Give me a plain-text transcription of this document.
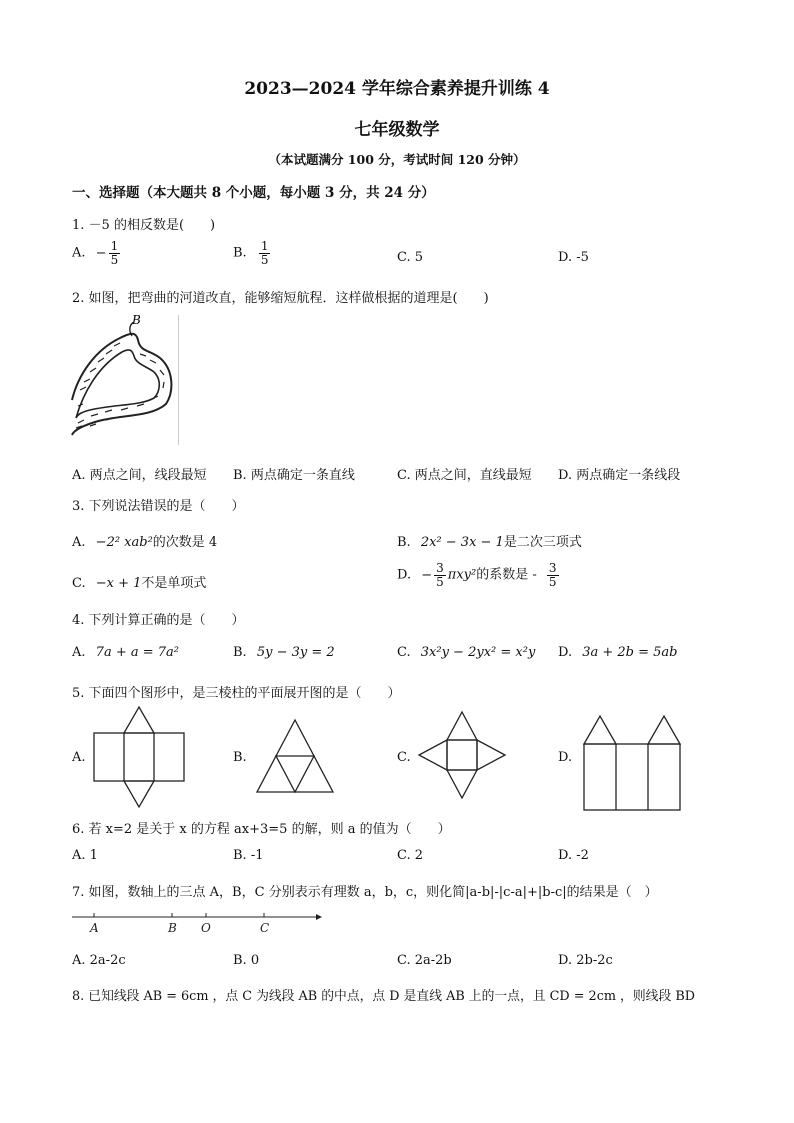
2023—2024 学年综合素养提升训练 4
七年级数学
（本试题满分 100 分，考试时间 120 分钟）
一、选择题（本大题共 8 个小题，每小题 3 分，共 24 分）
1. －5 的相反数是(　　)
A. − $\frac{1}{5}$	B. $\frac{1}{5}$	C. 5	D. -5
2. 如图，把弯曲的河道改直，能够缩短航程．这样做根据的道理是(　　)
B
A. 两点之间，线段最短 B. 两点确定一条直线	C. 两点之间，直线最短 D. 两点确定一条线段
3. 下列说法错误的是（　　）
A. −2² xab²的次数是 4	B. 2x² − 3x − 1是二次三项式
C. −x + 1不是单项式
D. − $\frac{3}{5} \pi xy^2$的系数是 - $\frac{3}{5}$
4. 下列计算正确的是（　　）
A. 7a + a = 7a²	B. 5y − 3y = 2	C. 3x²y − 2yx² = x²y D. 3a + 2b = 5ab
5. 下面四个图形中，是三棱柱的平面展开图的是（　　）
A.	B.	C.	D.
6. 若 x=2 是关于 x 的方程 ax+3=5 的解，则 a 的值为（　　）
A. 1	B. -1	C. 2	D. -2
7. 如图，数轴上的三点 A，B，C 分别表示有理数 a，b，c，则化简|a-b|-|c-a|+|b-c|的结果是（　）
A	B O	C
A. 2a-2c	B. 0	C. 2a-2b	D. 2b-2c
8. 已知线段 AB = 6cm ，点 C 为线段 AB 的中点，点 D 是直线 AB 上的一点，且 CD = 2cm ，则线段 BD
